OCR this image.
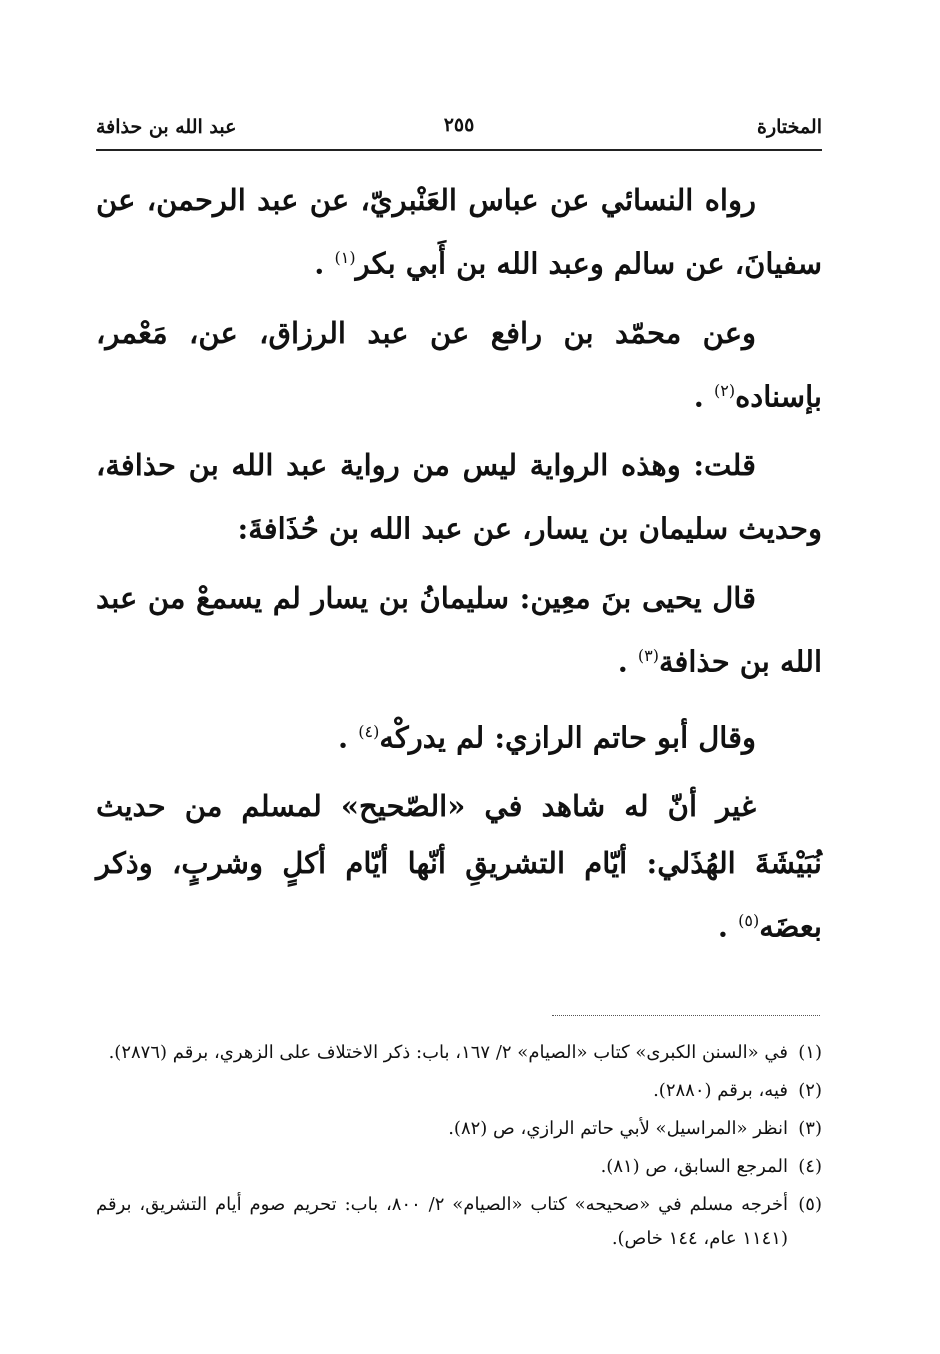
المختارة
٢٥٥
عبد الله بن حذافة

رواه النسائي عن عباس العَنْبريّ، عن عبد الرحمن، عن سفيانَ، عن سالم وعبد الله بن أَبي بكر$^{(١)}$ .

وعن محمّد بن رافع عن عبد الرزاق، عن، مَعْمر، بإسناده$^{(٢)}$ .

قلت: وهذه الرواية ليس من رواية عبد الله بن حذافة، وحديث سليمان بن يسار، عن عبد الله بن حُذَافةَ:

قال يحيى بنَ معِين: سليمانُ بن يسار لم يسمعْ من عبد الله بن حذافة$^{(٣)}$ .

وقال أبو حاتم الرازي: لم يدركْه$^{(٤)}$ .

غير أنّ له شاهد في «الصّحيح» لمسلم من حديث نُبَيْشَةَ الهُذَلي: أيّام التشريقِ أنّها أيّام أكلٍ وشربٍ، وذكر بعضَه$^{(٥)}$ .

(١)
في «السنن الكبرى» كتاب «الصيام» ٢/ ١٦٧، باب: ذكر الاختلاف على الزهري، برقم (٢٨٧٦).
(٢)
فيه، برقم (٢٨٨٠).
(٣)
انظر «المراسيل» لأبي حاتم الرازي، ص (٨٢).
(٤)
المرجع السابق، ص (٨١).
(٥)
أخرجه مسلم في «صحيحه» كتاب «الصيام» ٢/ ٨٠٠، باب: تحريم صوم أيام التشريق، برقم (١١٤١ عام، ١٤٤ خاص).
